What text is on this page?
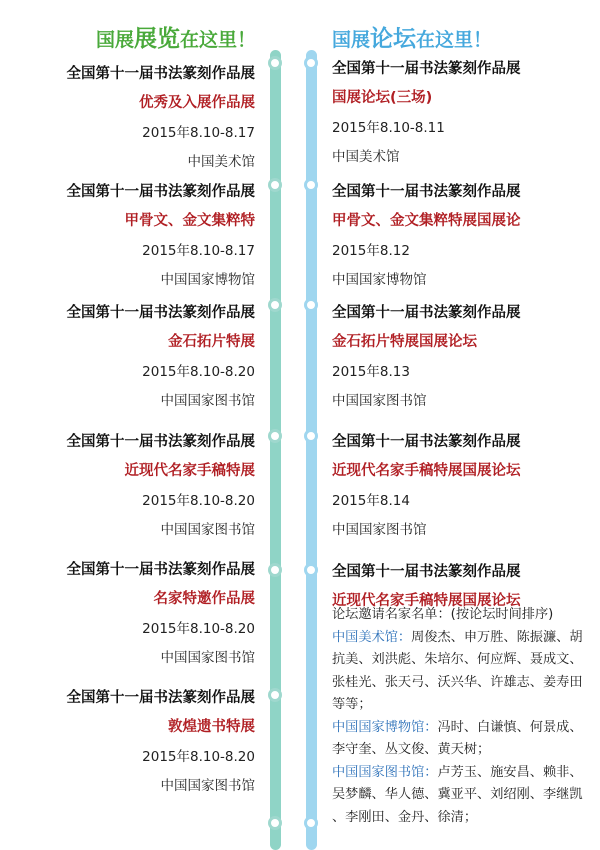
国展展览在这里！	国展论坛在这里！
全国第十一届书法篆刻作品展
优秀及入展作品展
2015年8.10-8.17
中国美术馆
全国第十一届书法篆刻作品展
甲骨文、金文集粹特
2015年8.10-8.17
中国国家博物馆
全国第十一届书法篆刻作品展
金石拓片特展
2015年8.10-8.20
中国国家图书馆
全国第十一届书法篆刻作品展
近现代名家手稿特展
2015年8.10-8.20
中国国家图书馆
全国第十一届书法篆刻作品展
名家特邀作品展
2015年8.10-8.20
中国国家图书馆
全国第十一届书法篆刻作品展
敦煌遗书特展
2015年8.10-8.20
中国国家图书馆
全国第十一届书法篆刻作品展
国展论坛(三场)
2015年8.10-8.11
中国美术馆
全国第十一届书法篆刻作品展
甲骨文、金文集粹特展国展论
2015年8.12
中国国家博物馆
全国第十一届书法篆刻作品展
金石拓片特展国展论坛
2015年8.13
中国国家图书馆
全国第十一届书法篆刻作品展
近现代名家手稿特展国展论坛
2015年8.14
中国国家图书馆
全国第十一届书法篆刻作品展
近现代名家手稿特展国展论坛

论坛邀请名家名单：(按论坛时间排序)

中国美术馆：周俊杰、申万胜、陈振濂、胡

抗美、刘洪彪、朱培尔、何应辉、聂成文、

张桂光、张天弓、沃兴华、许雄志、姜寿田

等等；

中国国家博物馆：冯时、白谦慎、何景成、

李守奎、丛文俊、黄天树；

中国国家图书馆：卢芳玉、施安昌、赖非、

吴梦麟、华人德、冀亚平、刘绍刚、李继凯

、李刚田、金丹、徐清；
